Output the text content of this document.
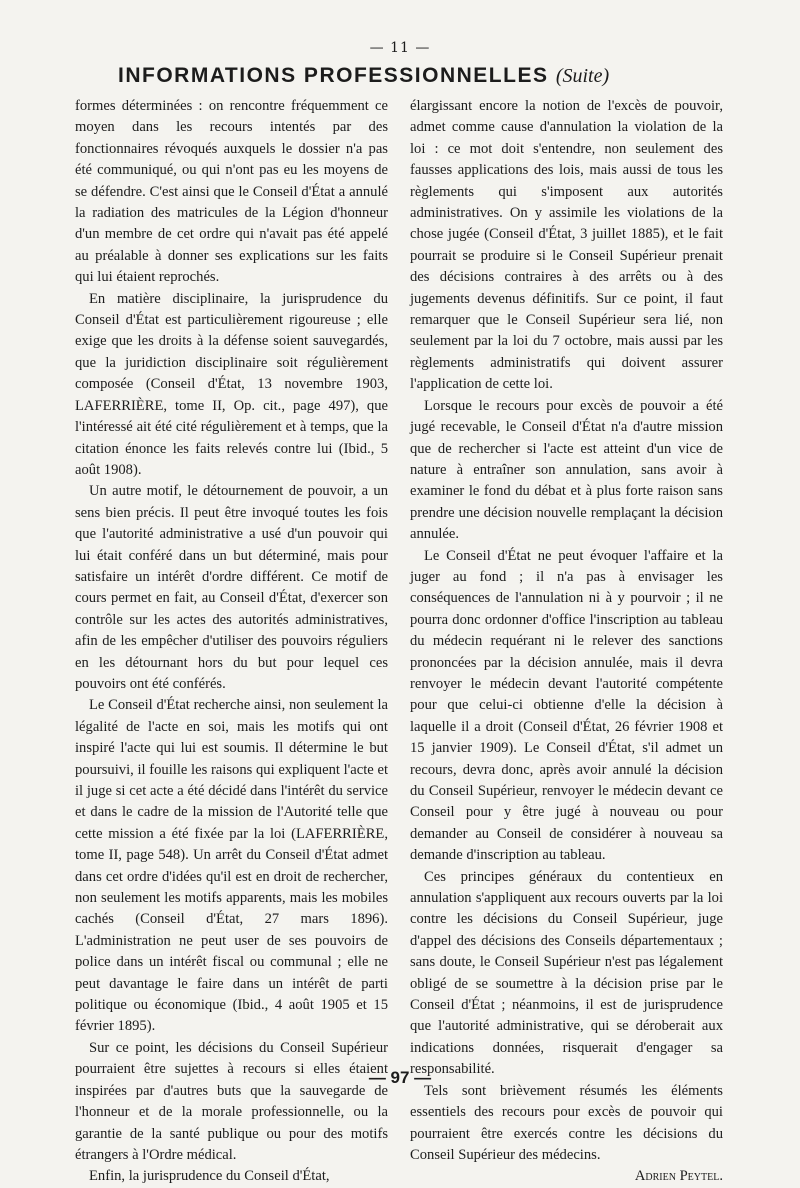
— 11 —
INFORMATIONS PROFESSIONNELLES (Suite)

formes déterminées : on rencontre fréquemment ce moyen dans les recours intentés par des fonctionnaires révoqués auxquels le dossier n'a pas été communiqué, ou qui n'ont pas eu les moyens de se défendre. C'est ainsi que le Conseil d'État a annulé la radiation des matricules de la Légion d'honneur d'un membre de cet ordre qui n'avait pas été appelé au préalable à donner ses explications sur les faits qui lui étaient reprochés.

En matière disciplinaire, la jurisprudence du Conseil d'État est particulièrement rigoureuse ; elle exige que les droits à la défense soient sauvegardés, que la juridiction disciplinaire soit régulièrement composée (Conseil d'État, 13 novembre 1903, LAFERRIÈRE, tome II, Op. cit., page 497), que l'intéressé ait été cité régulièrement et à temps, que la citation énonce les faits relevés contre lui (Ibid., 5 août 1908).

Un autre motif, le détournement de pouvoir, a un sens bien précis. Il peut être invoqué toutes les fois que l'autorité administrative a usé d'un pouvoir qui lui était conféré dans un but déterminé, mais pour satisfaire un intérêt d'ordre différent. Ce motif de cours permet en fait, au Conseil d'État, d'exercer son contrôle sur les actes des autorités administratives, afin de les empêcher d'utiliser des pouvoirs réguliers en les détournant hors du but pour lequel ces pouvoirs ont été conférés.

Le Conseil d'État recherche ainsi, non seulement la légalité de l'acte en soi, mais les motifs qui ont inspiré l'acte qui lui est soumis. Il détermine le but poursuivi, il fouille les raisons qui expliquent l'acte et il juge si cet acte a été décidé dans l'intérêt du service et dans le cadre de la mission de l'Autorité telle que cette mission a été fixée par la loi (LAFERRIÈRE, tome II, page 548). Un arrêt du Conseil d'État admet dans cet ordre d'idées qu'il est en droit de rechercher, non seulement les motifs apparents, mais les mobiles cachés (Conseil d'État, 27 mars 1896). L'administration ne peut user de ses pouvoirs de police dans un intérêt fiscal ou communal ; elle ne peut davantage le faire dans un intérêt de parti politique ou économique (Ibid., 4 août 1905 et 15 février 1895).

Sur ce point, les décisions du Conseil Supérieur pourraient être sujettes à recours si elles étaient inspirées par d'autres buts que la sauvegarde de l'honneur et de la morale professionnelle, ou la garantie de la santé publique ou pour des motifs étrangers à l'Ordre médical.

Enfin, la jurisprudence du Conseil d'État,

élargissant encore la notion de l'excès de pouvoir, admet comme cause d'annulation la violation de la loi : ce mot doit s'entendre, non seulement des fausses applications des lois, mais aussi de tous les règlements qui s'imposent aux autorités administratives. On y assimile les violations de la chose jugée (Conseil d'État, 3 juillet 1885), et le fait pourrait se produire si le Conseil Supérieur prenait des décisions contraires à des arrêts ou à des jugements devenus définitifs. Sur ce point, il faut remarquer que le Conseil Supérieur sera lié, non seulement par la loi du 7 octobre, mais aussi par les règlements administratifs qui doivent assurer l'application de cette loi.

Lorsque le recours pour excès de pouvoir a été jugé recevable, le Conseil d'État n'a d'autre mission que de rechercher si l'acte est atteint d'un vice de nature à entraîner son annulation, sans avoir à examiner le fond du débat et à plus forte raison sans prendre une décision nouvelle remplaçant la décision annulée.

Le Conseil d'État ne peut évoquer l'affaire et la juger au fond ; il n'a pas à envisager les conséquences de l'annulation ni à y pourvoir ; il ne pourra donc ordonner d'office l'inscription au tableau du médecin requérant ni le relever des sanctions prononcées par la décision annulée, mais il devra renvoyer le médecin devant l'autorité compétente pour que celui-ci obtienne d'elle la décision à laquelle il a droit (Conseil d'État, 26 février 1908 et 15 janvier 1909). Le Conseil d'État, s'il admet un recours, devra donc, après avoir annulé la décision du Conseil Supérieur, renvoyer le médecin devant ce Conseil pour y être jugé à nouveau ou pour demander au Conseil de considérer à nouveau sa demande d'inscription au tableau.

Ces principes généraux du contentieux en annulation s'appliquent aux recours ouverts par la loi contre les décisions du Conseil Supérieur, juge d'appel des décisions des Conseils départementaux ; sans doute, le Conseil Supérieur n'est pas légalement obligé de se soumettre à la décision prise par le Conseil d'État ; néanmoins, il est de jurisprudence que l'autorité administrative, qui se déroberait aux indications données, risquerait d'engager sa responsabilité.

Tels sont brièvement résumés les éléments essentiels des recours pour excès de pouvoir qui pourraient être exercés contre les décisions du Conseil Supérieur des médecins.

Adrien Peytel.
— 97 —
